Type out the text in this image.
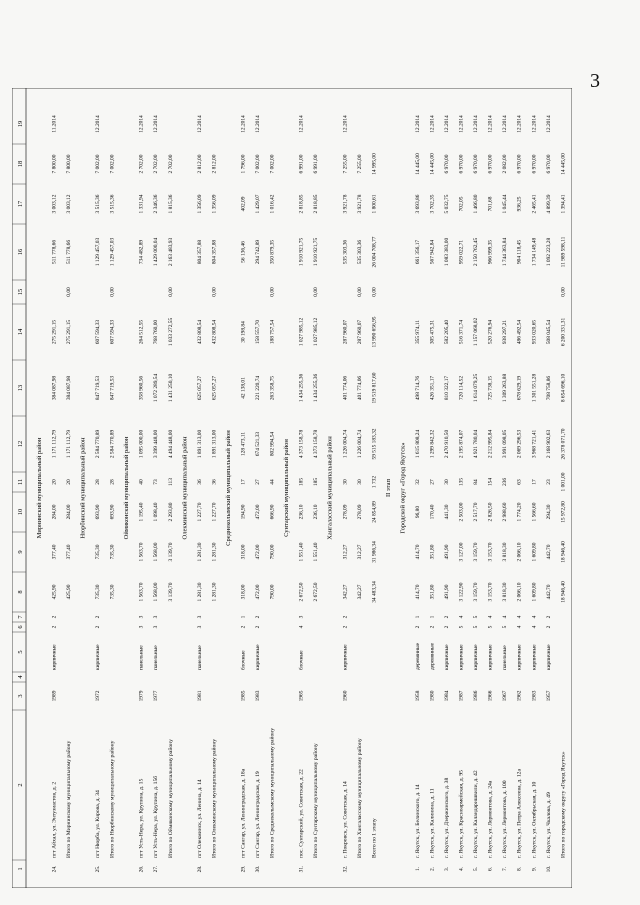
3
1
2
3
4
5
6
7
8
9
10
11
12
13
14
15
16
17
18
19
Мирнинский муниципальный район
24.
пгт Айхал, ул. Энтузиастов, д. 2
1989
кирпичные
2
2
425,90
377,40
284,00
20
1 171 112,79
384 087,98
275 291,15
511 778,66
3 003,12
7 800,00
11.2014
Итого по Мирнинскому муниципальному району
425,90
377,40
284,00
20
1 171 112,79
384 087,98
275 291,15
0,00
511 778,66
3 003,12
7 800,00
Нюрбинский муниципальный район
25.
пгт Нюрба, ул. Кирова, д. 34
1972
кирпичные
2
2
735,30
735,30
693,90
28
2 584 770,89
847 719,53
607 594,33
1 129 457,03
3 515,36
7 002,00
12.2014
Итого по Нюрбинскому муниципальному району
735,30
735,30
693,90
28
2 584 770,89
847 719,53
607 594,33
0,00
1 129 457,03
3 515,36
7 002,00
Оймяконский муниципальный район
26.
пгт Усть-Нера, ул. Крупина, д. 15
1979
панельные
3
3
1 563,70
1 563,70
1 195,40
40
1 095 000,00
358 960,56
264 512,55
734 482,89
1 331,94
2 702,00
12.2014
27.
пгт Усть-Нера, ул. Крупина, д. 15б
1977
панельные
3
3
1 568,00
1 568,00
1 098,40
73
3 399 448,00
1 072 289,54
768 760,00
1 429 000,04
2 346,36
2 702,00
12.2014
Итого по Оймяконскому муниципальному району
3 139,70
3 139,70
2 293,80
113
4 494 448,00
1 431 250,10
1 033 272,55
0,00
2 163 483,93
1 815,36
2 702,00
Олекминский муниципальный район
28.
пгт Олекминск, ул. Ленина, д. 14
1981
панельные
3
3
1 281,30
1 281,30
1 227,70
36
1 891 313,00
625 057,27
432 808,54
804 357,88
1 356,09
2 812,00
12.2014
Итого по Олекминскому муниципальному району
1 281,30
1 281,30
1 227,70
36
1 891 313,00
625 057,27
432 808,54
0,00
804 357,88
1 356,09
2 812,00
Среднеколымский муниципальный район
29.
пгт Сангар, ул. Ленинградская, д. 18а
1985
блочные
2
1
318,00
318,00
194,90
17
128 473,11
42 138,01
30 198,84
56 136,46
402,09
1 796,00
12.2014
30.
пгт Сангар, ул. Ленинградская, д. 19
1983
кирпичные
2
2
472,00
472,00
472,00
27
674 521,33
221 220,74
158 557,70
294 742,89
1 429,07
7 002,00
12.2014
Итого по Среднеколымскому муниципальному району
790,00
790,00
666,90
44
802 994,54
263 358,75
188 757,54
0,00
350 879,35
1 016,42
7 002,00
Сунтарский муниципальный район
31.
пос. Сунтарский, ул. Советская, д. 22
1965
блочные
4
3
2 672,50
1 551,40
236,10
185
4 373 158,78
1 434 255,36
1 027 985,12
1 910 921,75
2 818,85
6 991,00
12.2014
Итого по Сунтарскому муниципальному району
2 672,50
1 551,40
236,10
185
4 373 158,78
1 434 255,36
1 027 985,12
0,00
1 910 921,75
2 818,85
6 991,00
Хангаласский муниципальный район
32.
г. Покровск, ул. Советская, д. 14
1960
кирпичные
2
2
342,27
312,27
278,09
30
1 226 004,74
401 774,06
287 960,07
535 303,36
3 921,78
7 255,00
12.2014
Итого по Хангаласскому муниципальному району
342,27
312,27
278,09
30
1 226 004,74
401 774,06
287 960,07
0,00
535 303,36
3 921,78
7 255,00
Всего по 1 этапу
34 483,34
31 986,34
24 854,89
1 732
59 515 183,32
19 519 817,60
13 990 656,95
0,00
26 004 708,77
1 800,61
14 995,00
II этап Городской округ «Город Якутск»
1.
г. Якутск, ул. Белинского, д. 14
1958
деревянные
2
1
414,70
414,70
96,80
32
1 615 808,24
498 714,76
355 974,11
661 356,17
3 693,86
14 445,00
12.2014
2.
г. Якутск, ул. Калинина, д. 11
1980
деревянные
2
1
351,80
351,80
170,40
27
1 299 842,32
426 351,17
305 475,31
567 942,84
3 702,35
14 445,00
12.2014
3.
г. Якутск, ул. Дзержинского, д. 38
1984
кирпичные
2
2
491,90
491,90
441,30
30
2 470 910,50
810 322,17
582 205,40
1 083 383,00
5 032,75
6 970,00
12.2014
4.
г. Якутск, ул. Красноармейская, д. 95
1987
кирпичные
5
4
3 122,90
3 127,00
2 503,00
135
2 195 874,07
720 114,52
516 371,74
959 022,71
702,05
6 970,00
12.2014
5.
г. Якутск, ул. Каландаришвили, д. 42
1986
кирпичные
5
5
3 159,70
3 159,70
2 517,70
84
4 921 780,04
1 614 079,25
1 157 068,02
2 150 762,45
1 466,80
6 970,00
12.2014
6.
г. Якутск, ул. Лермонтова, д. 24а
1966
кирпичные
5
4
3 153,70
3 153,70
2 826,50
154
2 212 995,84
725 738,15
520 276,94
966 999,35
701,68
6 970,00
12.2014
7.
г. Якутск, ул. Лермонтова, д. 100
1967
панельные
5
4
3 818,30
3 818,30
2 988,60
236
3 991 098,05
1 309 263,88
938 297,21
1 744 363,84
1 045,44
2 082,00
12.2014
8.
г. Якутск, ул. Петра Алексеева, д. 12а
1962
кирпичные
4
4
2 066,10
2 066,10
1 774,20
63
2 069 296,53
678 629,19
486 492,54
904 118,45
936,25
6 970,00
12.2014
9.
г. Якутск, ул. Октябрьская, д. 10
1983
кирпичные
4
4
1 609,80
1 609,80
1 566,60
17
3 968 721,41
1 301 551,28
933 020,65
1 734 149,48
2 465,41
6 970,00
12.2014
10.
г. Якутск, ул. Чкалова, д. 49
1957
кирпичные
2
2
442,70
442,70
294,30
23
2 168 902,63
708 758,86
508 045,54
1 092 223,28
4 899,39
6 970,00
12.2014
Итого по городскому округу «Город Якутск»
18 946,40
18 946,40
15 972,80
1 001,00
26 378 071,70
8 654 696,10
6 200 331,31
0,00
11 989 598,11
1 394,41
14 445,00
